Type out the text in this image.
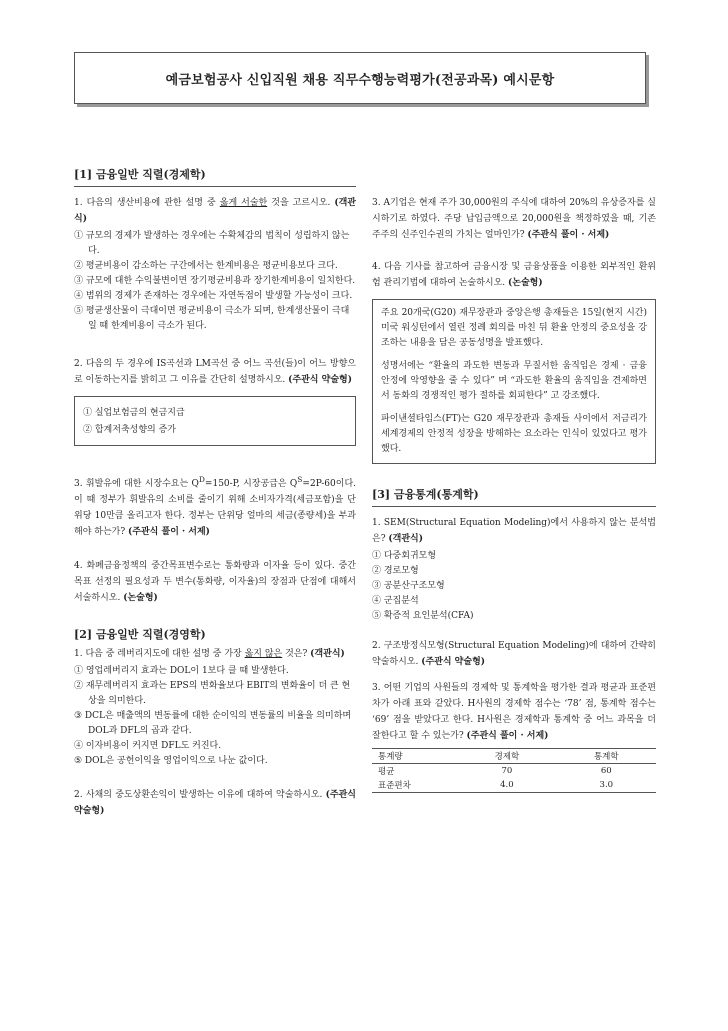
예금보험공사 신입직원 채용 직무수행능력평가(전공과목) 예시문항
[1] 금융일반 직렬(경제학)

1. 다음의 생산비용에 관한 설명 중 옳게 서술한 것을 고르시오. (객관식)

① 규모의 경제가 발생하는 경우에는 수확체감의 법칙이 성립하지 않는다.
② 평균비용이 감소하는 구간에서는 한계비용은 평균비용보다 크다.
③ 규모에 대한 수익불변이면 장기평균비용과 장기한계비용이 일치한다.
④ 범위의 경제가 존재하는 경우에는 자연독점이 발생할 가능성이 크다.
⑤ 평균생산물이 극대이면 평균비용이 극소가 되며, 한계생산물이 극대일 때 한계비용이 극소가 된다.

2. 다음의 두 경우에 IS곡선과 LM곡선 중 어느 곡선(들)이 어느 방향으로 이동하는지를 밝히고 그 이유를 간단히 설명하시오. (주관식 약술형)

① 실업보험금의 현금지급
② 합계저축성향의 증가

3. 휘발유에 대한 시장수요는 $Q^D=150-P$, 시장공급은 $Q^S=2P-60$이다. 이 때 정부가 휘발유의 소비를 줄이기 위해 소비자가격(세금포함)을 단위당 10만큼 올리고자 한다. 정부는 단위당 얼마의 세금(종량세)을 부과해야 하는가? (주관식 풀이 · 서제)

4. 화폐금융정책의 중간목표변수로는 통화량과 이자율 등이 있다. 중간목표 선정의 필요성과 두 변수(통화량, 이자율)의 장점과 단점에 대해서 서술하시오. (논술형)

[2] 금융일반 직렬(경영학)

1. 다음 중 레버리지도에 대한 설명 중 가장 옳지 않은 것은? (객관식)

① 영업레버리지 효과는 DOL이 1보다 클 때 발생한다.
② 재무레버리지 효과는 EPS의 변화율보다 EBIT의 변화율이 더 큰 현상을 의미한다.
③ DCL은 매출액의 변동률에 대한 순이익의 변동률의 비율을 의미하며 DOL과 DFL의 곱과 같다.
④ 이자비용이 커지면 DFL도 커진다.
⑤ DOL은 공헌이익을 영업이익으로 나눈 값이다.

2. 사채의 중도상환손익이 발생하는 이유에 대하여 약술하시오. (주관식 약술형)

3. A기업은 현재 주가 30,000원의 주식에 대하여 20%의 유상증자를 실시하기로 하였다. 주당 납입금액으로 20,000원을 책정하였을 때, 기존 주주의 신주인수권의 가치는 얼마인가? (주관식 풀이 · 서제)

4. 다음 기사를 참고하여 금융시장 및 금융상품을 이용한 외부적인 환위험 관리기법에 대하여 논술하시오. (논술형)

주요 20개국(G20) 재무장관과 중앙은행 총재들은 15일(현지 시간) 미국 워싱턴에서 열린 정례 회의를 마친 뒤 환율 안정의 중요성을 강조하는 내용을 담은 공동성명을 발표했다.

성명서에는 “환율의 과도한 변동과 무질서한 움직임은 경제 · 금융 안정에 악영향을 줄 수 있다” 며 “과도한 환율의 움직임을 견제하면서 동화의 경쟁적인 평가 절하를 회피한다” 고 강조했다.

파이낸셜타임스(FT)는 G20 재무장관과 총재들 사이에서 저금리가 세계경제의 안정적 성장을 방해하는 요소라는 인식이 있었다고 평가했다.

[3] 금융통계(통계학)

1. SEM(Structural Equation Modeling)에서 사용하지 않는 분석법은? (객관식)

① 다중회귀모형
② 경로모형
③ 공분산구조모형
④ 군집분석
⑤ 확증적 요인분석(CFA)

2. 구조방정식모형(Structural Equation Modeling)에 대하여 간략히 약술하시오. (주관식 약술형)

3. 어떤 기업의 사원들의 경제학 및 통계학을 평가한 결과 평균과 표준편차가 아래 표와 같았다. H사원의 경제학 점수는 ‘78’ 점, 통계학 점수는 ‘69’ 점을 받았다고 한다. H사원은 경제학과 통계학 중 어느 과목을 더 잘한다고 할 수 있는가? (주관식 풀이 · 서제)

통계량	경제학	통계학
평균	70	60
표준편차	4.0	3.0
